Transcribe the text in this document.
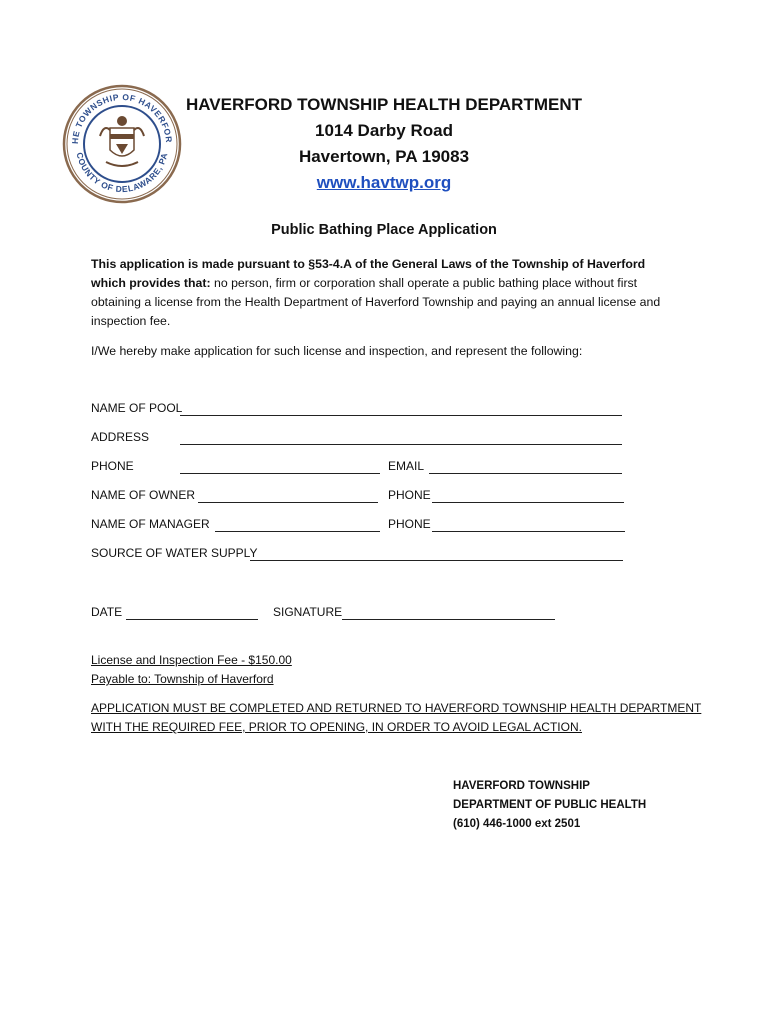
HE TOWNSHIP OF HAVERFOR
COUNTY OF DELAWARE, PA
HAVERFORD TOWNSHIP HEALTH DEPARTMENT
1014 Darby Road
Havertown, PA 19083
www.havtwp.org
Public Bathing Place Application
This application is made pursuant to §53-4.A of the General Laws of the Township of Haverford which provides that: no person, firm or corporation shall operate a public bathing place without first obtaining a license from the Health Department of Haverford Township and paying an annual license and inspection fee.
I/We hereby make application for such license and inspection, and represent the following:
NAME OF POOL
ADDRESS
PHONE	EMAIL
NAME OF OWNER	PHONE
NAME OF MANAGER	PHONE
SOURCE OF WATER SUPPLY
DATE	SIGNATURE
License and Inspection Fee - $150.00
Payable to: Township of Haverford
APPLICATION MUST BE COMPLETED AND RETURNED TO HAVERFORD TOWNSHIP HEALTH DEPARTMENT
WITH THE REQUIRED FEE, PRIOR TO OPENING, IN ORDER TO AVOID LEGAL ACTION.
HAVERFORD TOWNSHIP
DEPARTMENT OF PUBLIC HEALTH
(610) 446-1000 ext 2501
